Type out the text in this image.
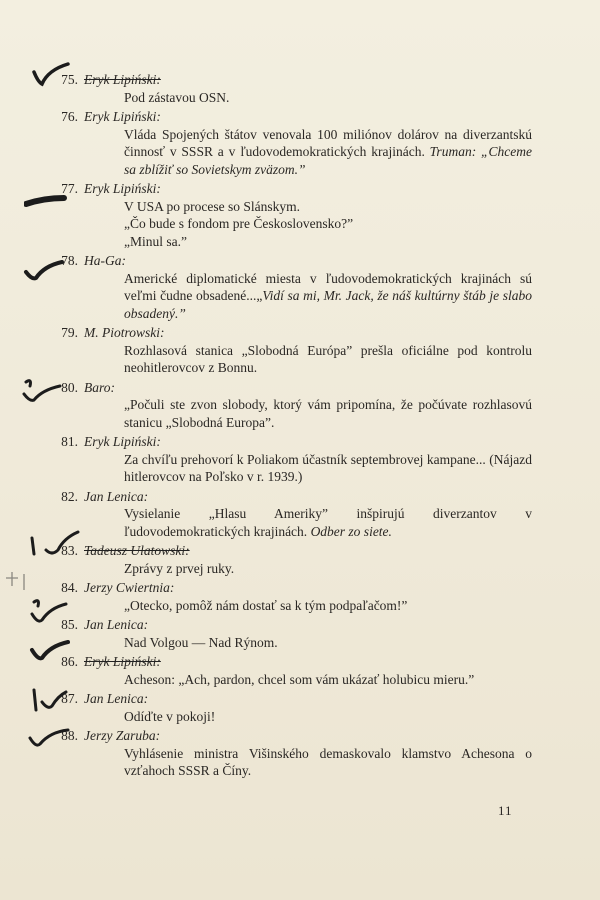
75. Eryk Lipiński:
Pod zástavou OSN.
76. Eryk Lipiński:
Vláda Spojených štátov venovala 100 miliónov dolárov na diverzantskú činnosť v SSSR a v ľudovodemokratických krajinách. Truman: „Chceme sa zblížiť so Sovietskym zväzom.”
77. Eryk Lipiński:
V USA po procese so Slánskym.
„Čo bude s fondom pre Československo?”
„Minul sa.”
78. Ha-Ga:
Americké diplomatické miesta v ľudovodemokratických krajinách sú veľmi čudne obsadené...„Vidí sa mi, Mr. Jack, že náš kultúrny štáb je slabo obsadený.”
79. M. Piotrowski:
Rozhlasová stanica „Slobodná Európa” prešla oficiálne pod kontrolu neohitlerovcov z Bonnu.
80. Baro:
„Počuli ste zvon slobody, ktorý vám pripomína, že počúvate rozhlasovú stanicu „Slobodná Europa”.
81. Eryk Lipiński:
Za chvíľu prehovorí k Poliakom účastník septembrovej kampane... (Nájazd hitlerovcov na Poľsko v r. 1939.)
82. Jan Lenica:
Vysielanie „Hlasu Ameriky” inšpirujú diverzantov v ľudovodemokratických krajinách. Odber zo siete.
83. Tadeusz Ulatowski:
Zprávy z prvej ruky.
84. Jerzy Cwiertnia:
„Otecko, pomôž nám dostať sa k tým podpaľačom!”
85. Jan Lenica:
Nad Volgou — Nad Rýnom.
86. Eryk Lipiński:
Acheson: „Ach, pardon, chcel som vám ukázať holubicu mieru.”
87. Jan Lenica:
Odíďte v pokoji!
88. Jerzy Zaruba:
Vyhlásenie ministra Višinského demaskovalo klamstvo Achesona o vzťahoch SSSR a Číny.
11
